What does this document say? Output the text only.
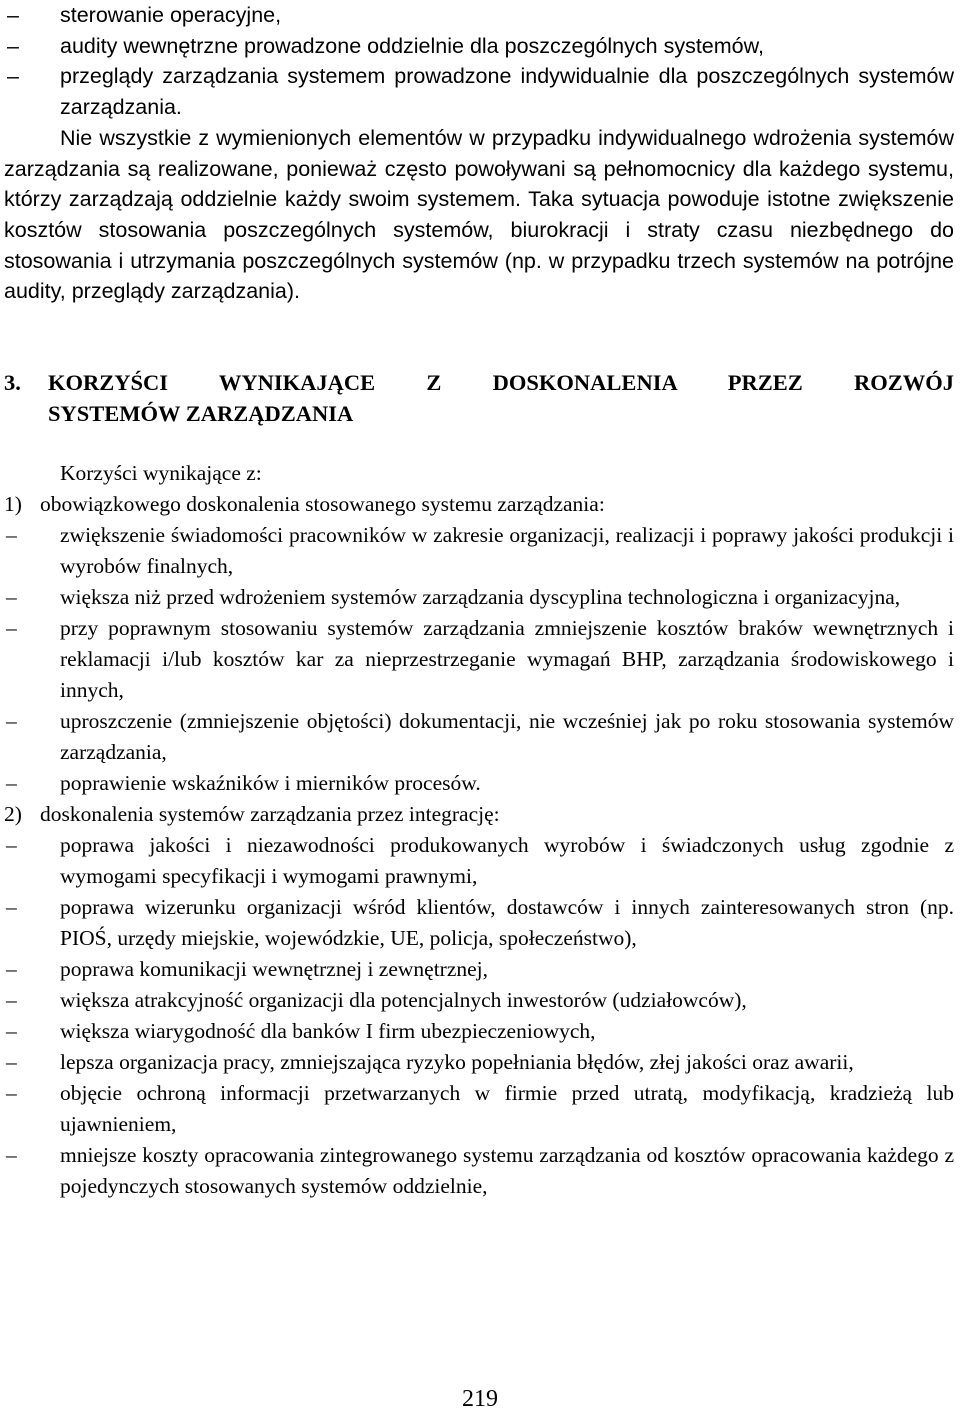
– sterowanie operacyjne,
– audity wewnętrzne prowadzone oddzielnie dla poszczególnych systemów,
– przeglądy zarządzania systemem prowadzone indywidualnie dla poszczególnych systemów zarządzania.

Nie wszystkie z wymienionych elementów w przypadku indywidualnego wdrożenia systemów zarządzania są realizowane, ponieważ często powoływani są pełnomocnicy dla każdego systemu, którzy zarządzają oddzielnie każdy swoim systemem. Taka sytuacja powoduje istotne zwiększenie kosztów stosowania poszczególnych systemów, biurokracji i straty czasu niezbędnego do stosowania i utrzymania poszczególnych systemów (np. w przypadku trzech systemów na potrójne audity, przeglądy zarządzania).

3.	KORZYŚCI WYNIKAJĄCE Z DOSKONALENIA PRZEZ ROZWÓJ
SYSTEMÓW ZARZĄDZANIA

Korzyści wynikające z:

1) obowiązkowego doskonalenia stosowanego systemu zarządzania:

– zwiększenie świadomości pracowników w zakresie organizacji, realizacji i poprawy jakości produkcji i wyrobów finalnych,
– większa niż przed wdrożeniem systemów zarządzania dyscyplina technologiczna i organizacyjna,
– przy poprawnym stosowaniu systemów zarządzania zmniejszenie kosztów braków wewnętrznych i reklamacji i/lub kosztów kar za nieprzestrzeganie wymagań BHP, zarządzania środowiskowego i innych,
– uproszczenie (zmniejszenie objętości) dokumentacji, nie wcześniej jak po roku stosowania systemów zarządzania,
– poprawienie wskaźników i mierników procesów.

2) doskonalenia systemów zarządzania przez integrację:

– poprawa jakości i niezawodności produkowanych wyrobów i świadczonych usług zgodnie z wymogami specyfikacji i wymogami prawnymi,
– poprawa wizerunku organizacji wśród klientów, dostawców i innych zainteresowanych stron (np. PIOŚ, urzędy miejskie, wojewódzkie, UE, policja, społeczeństwo),
– poprawa komunikacji wewnętrznej i zewnętrznej,
– większa atrakcyjność organizacji dla potencjalnych inwestorów (udziałowców),
– większa wiarygodność dla banków I firm ubezpieczeniowych,
– lepsza organizacja pracy, zmniejszająca ryzyko popełniania błędów, złej jakości oraz awarii,
– objęcie ochroną informacji przetwarzanych w firmie przed utratą, modyfikacją, kradzieżą lub ujawnieniem,
– mniejsze koszty opracowania zintegrowanego systemu zarządzania od kosztów opracowania każdego z pojedynczych stosowanych systemów oddzielnie,
219
